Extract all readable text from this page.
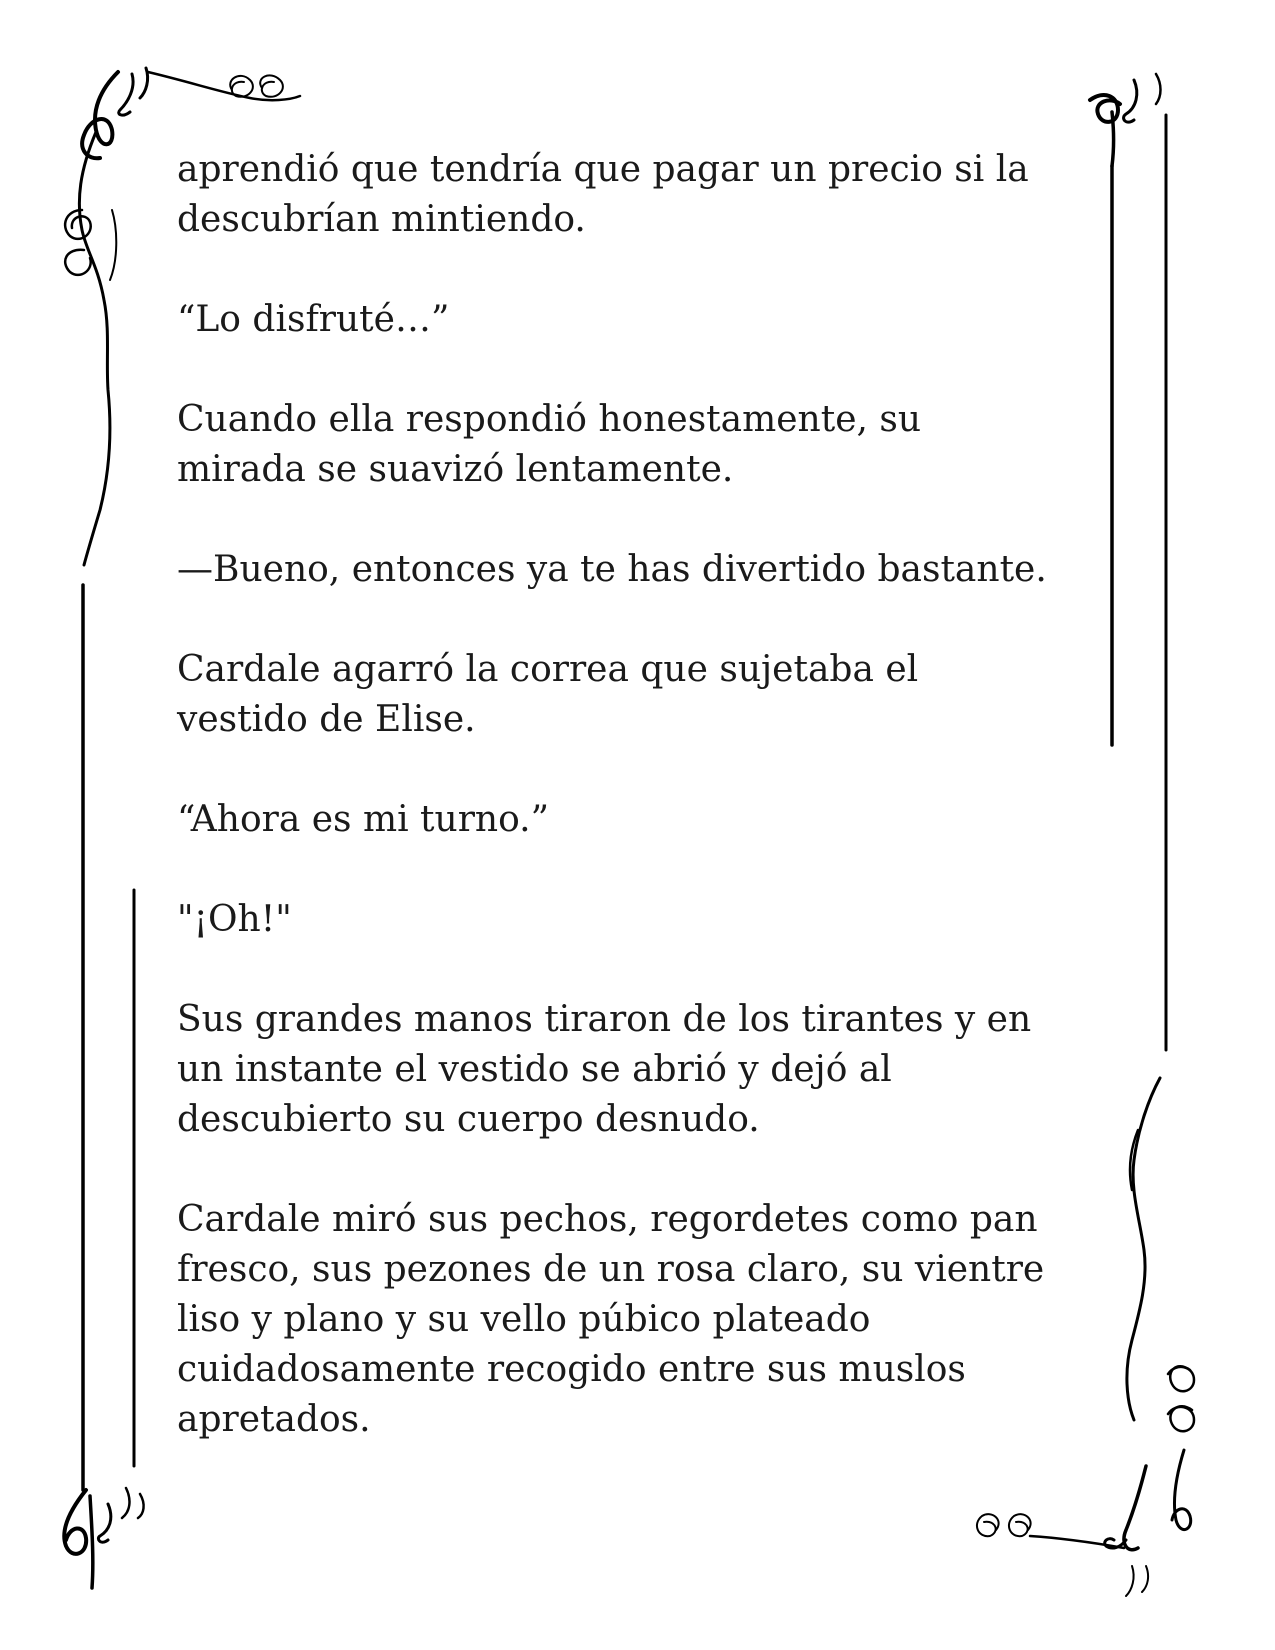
aprendió que tendría que pagar un precio si la
descubrían mintiendo.

“Lo disfruté…”

Cuando ella respondió honestamente, su
mirada se suavizó lentamente.

—Bueno, entonces ya te has divertido bastante.

Cardale agarró la correa que sujetaba el
vestido de Elise.

“Ahora es mi turno.”

"¡Oh!"

Sus grandes manos tiraron de los tirantes y en
un instante el vestido se abrió y dejó al
descubierto su cuerpo desnudo.

Cardale miró sus pechos, regordetes como pan
fresco, sus pezones de un rosa claro, su vientre
liso y plano y su vello púbico plateado
cuidadosamente recogido entre sus muslos
apretados.
